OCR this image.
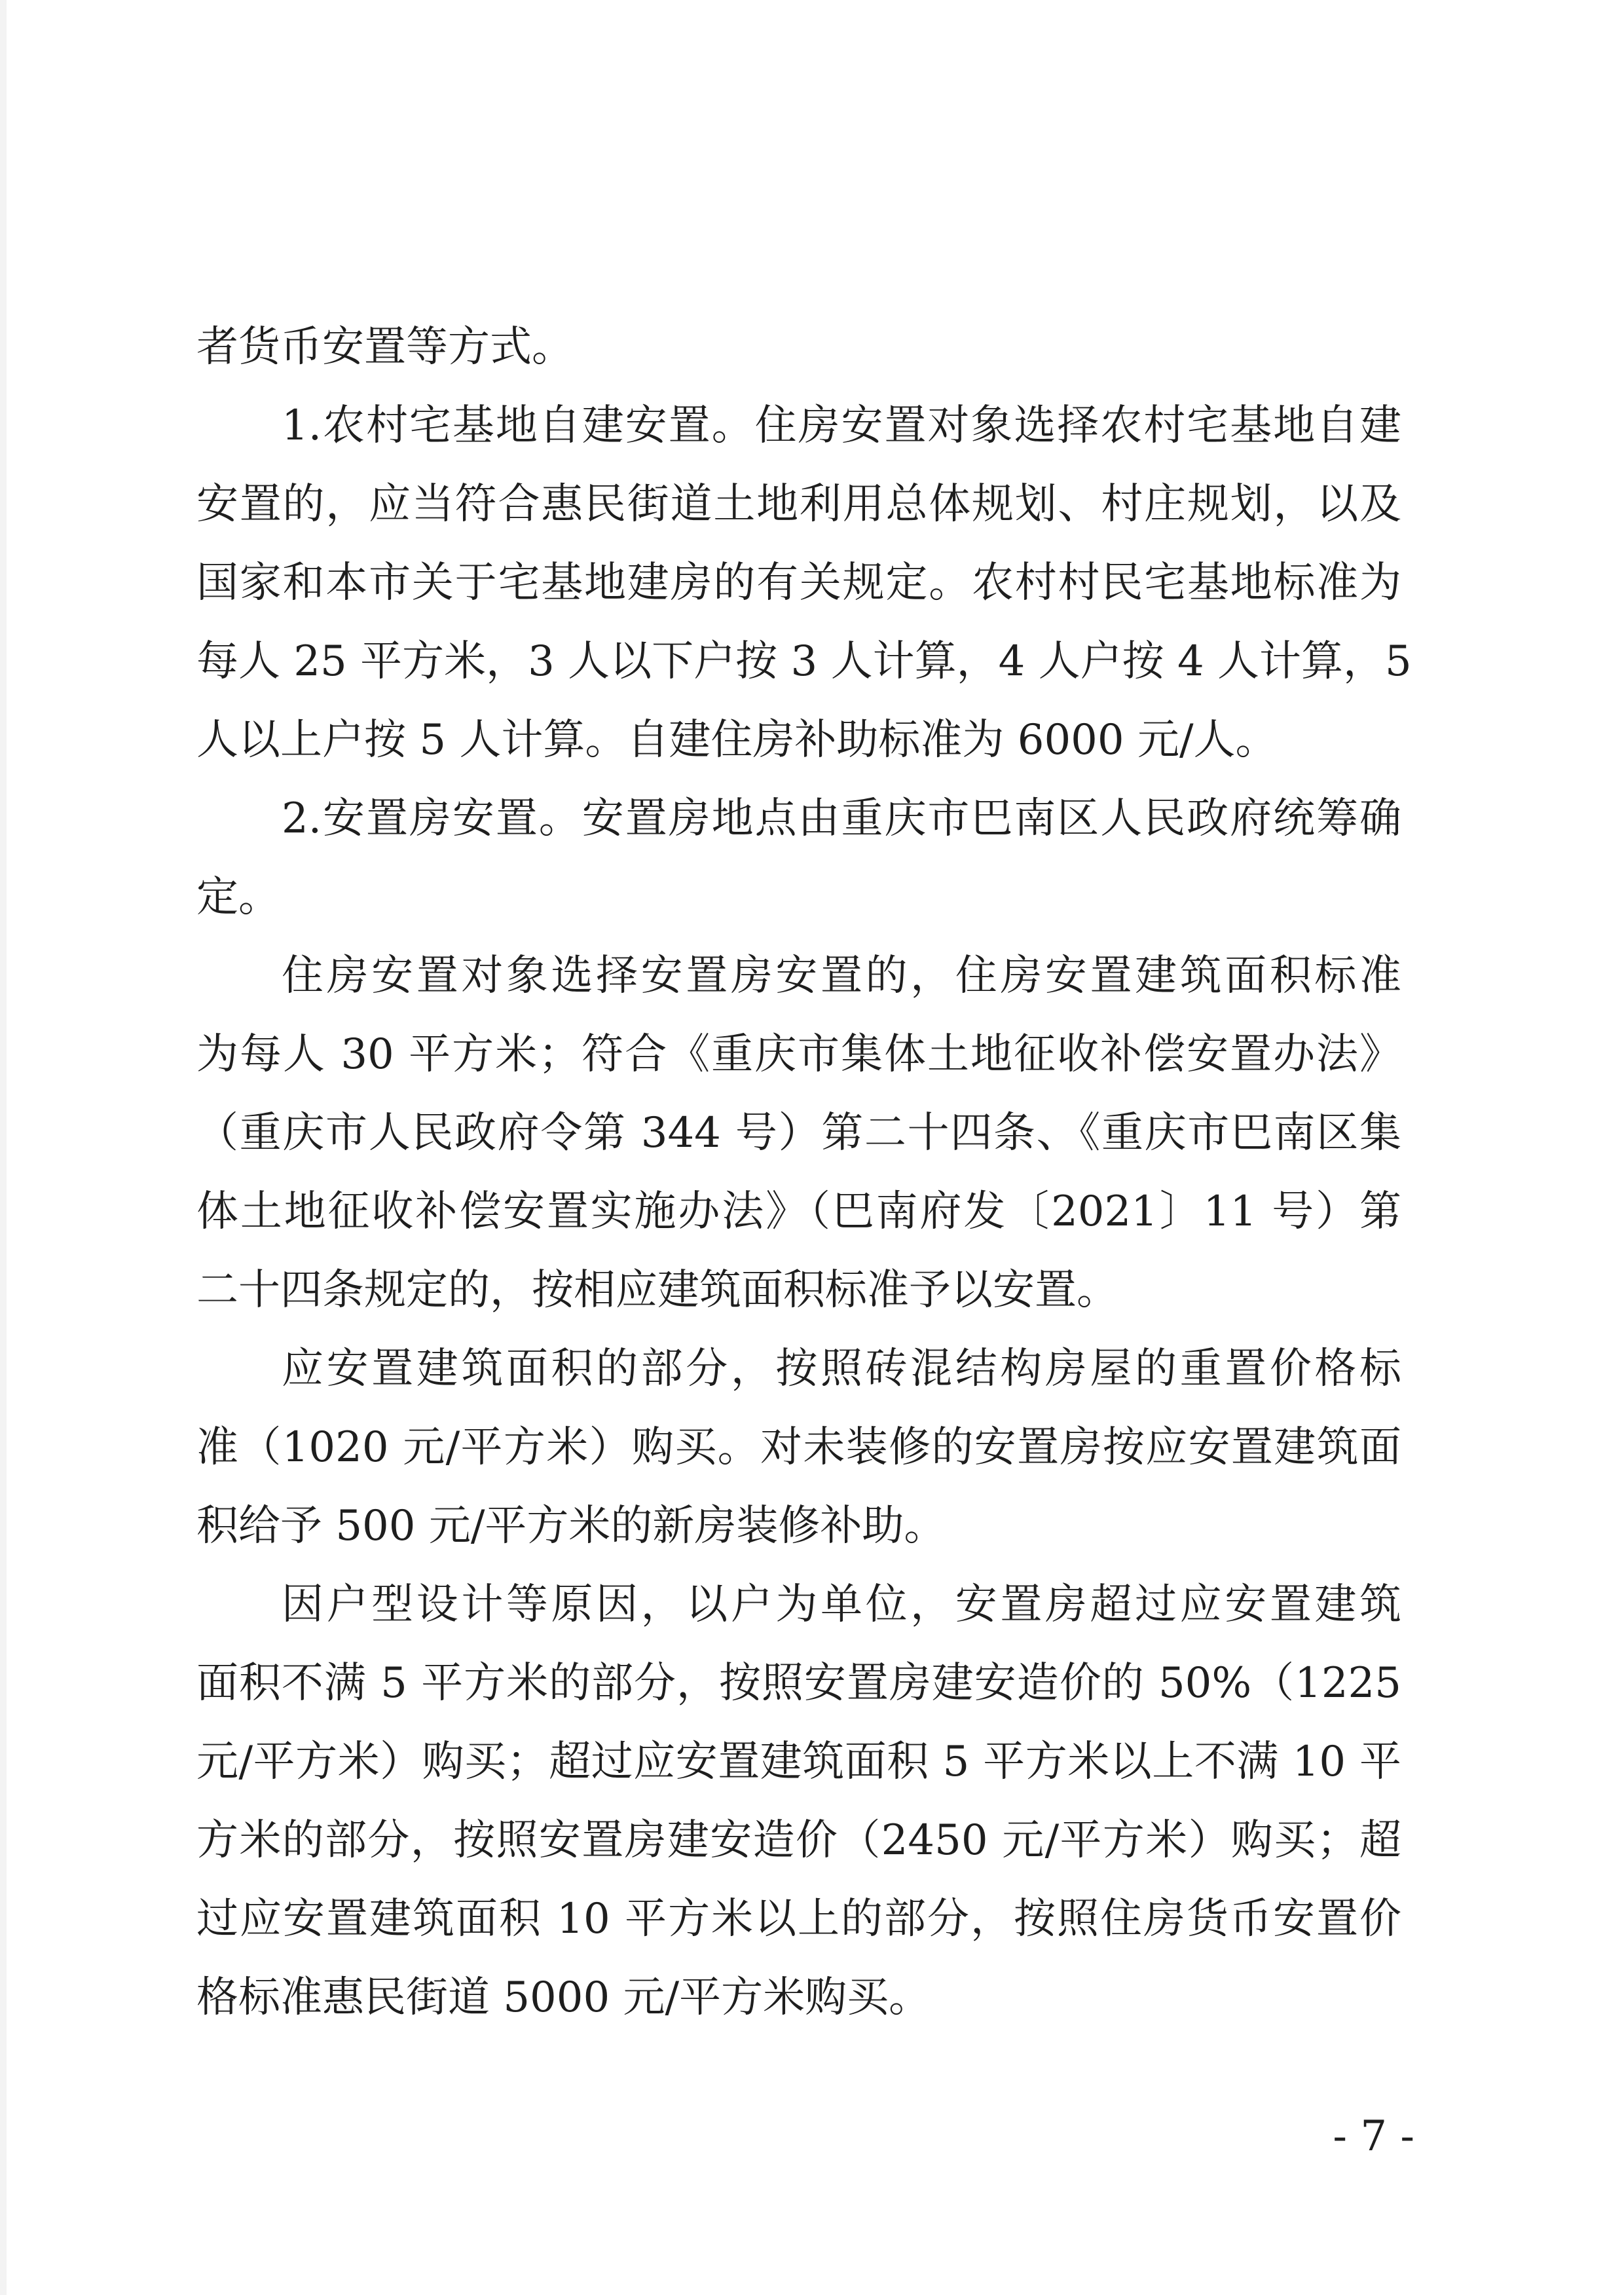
者货币安置等方式。
1.农村宅基地自建安置。住房安置对象选择农村宅基地自建
安置的，应当符合惠民街道土地利用总体规划、村庄规划，以及
国家和本市关于宅基地建房的有关规定。农村村民宅基地标准为
每人 25 平方米，3 人以下户按 3 人计算，4 人户按 4 人计算，5
人以上户按 5 人计算。自建住房补助标准为 6000 元/人。
2.安置房安置。安置房地点由重庆市巴南区人民政府统筹确
定。
住房安置对象选择安置房安置的，住房安置建筑面积标准
为每人 30 平方米；符合《重庆市集体土地征收补偿安置办法》
（重庆市人民政府令第 344 号）第二十四条、《重庆市巴南区集
体土地征收补偿安置实施办法》（巴南府发〔2021〕11 号）第
二十四条规定的，按相应建筑面积标准予以安置。
应安置建筑面积的部分，按照砖混结构房屋的重置价格标
准（1020 元/平方米）购买。对未装修的安置房按应安置建筑面
积给予 500 元/平方米的新房装修补助。
因户型设计等原因，以户为单位，安置房超过应安置建筑
面积不满 5 平方米的部分，按照安置房建安造价的 50%（1225
元/平方米）购买；超过应安置建筑面积 5 平方米以上不满 10 平
方米的部分，按照安置房建安造价（2450 元/平方米）购买；超
过应安置建筑面积 10 平方米以上的部分，按照住房货币安置价
格标准惠民街道 5000 元/平方米购买。
- 7 -
